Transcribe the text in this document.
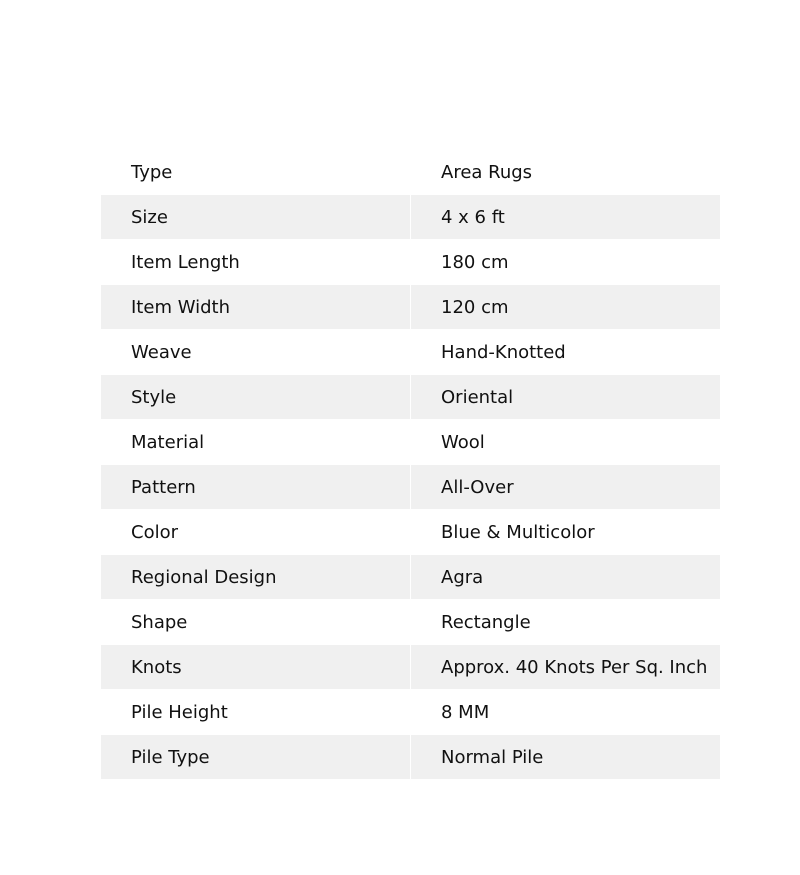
Type	Area Rugs
Size	4 x 6 ft
Item Length	180 cm
Item Width	120 cm
Weave	Hand-Knotted
Style	Oriental
Material	Wool
Pattern	All-Over
Color	Blue & Multicolor
Regional Design	Agra
Shape	Rectangle
Knots	Approx. 40 Knots Per Sq. Inch
Pile Height	8 MM
Pile Type	Normal Pile
